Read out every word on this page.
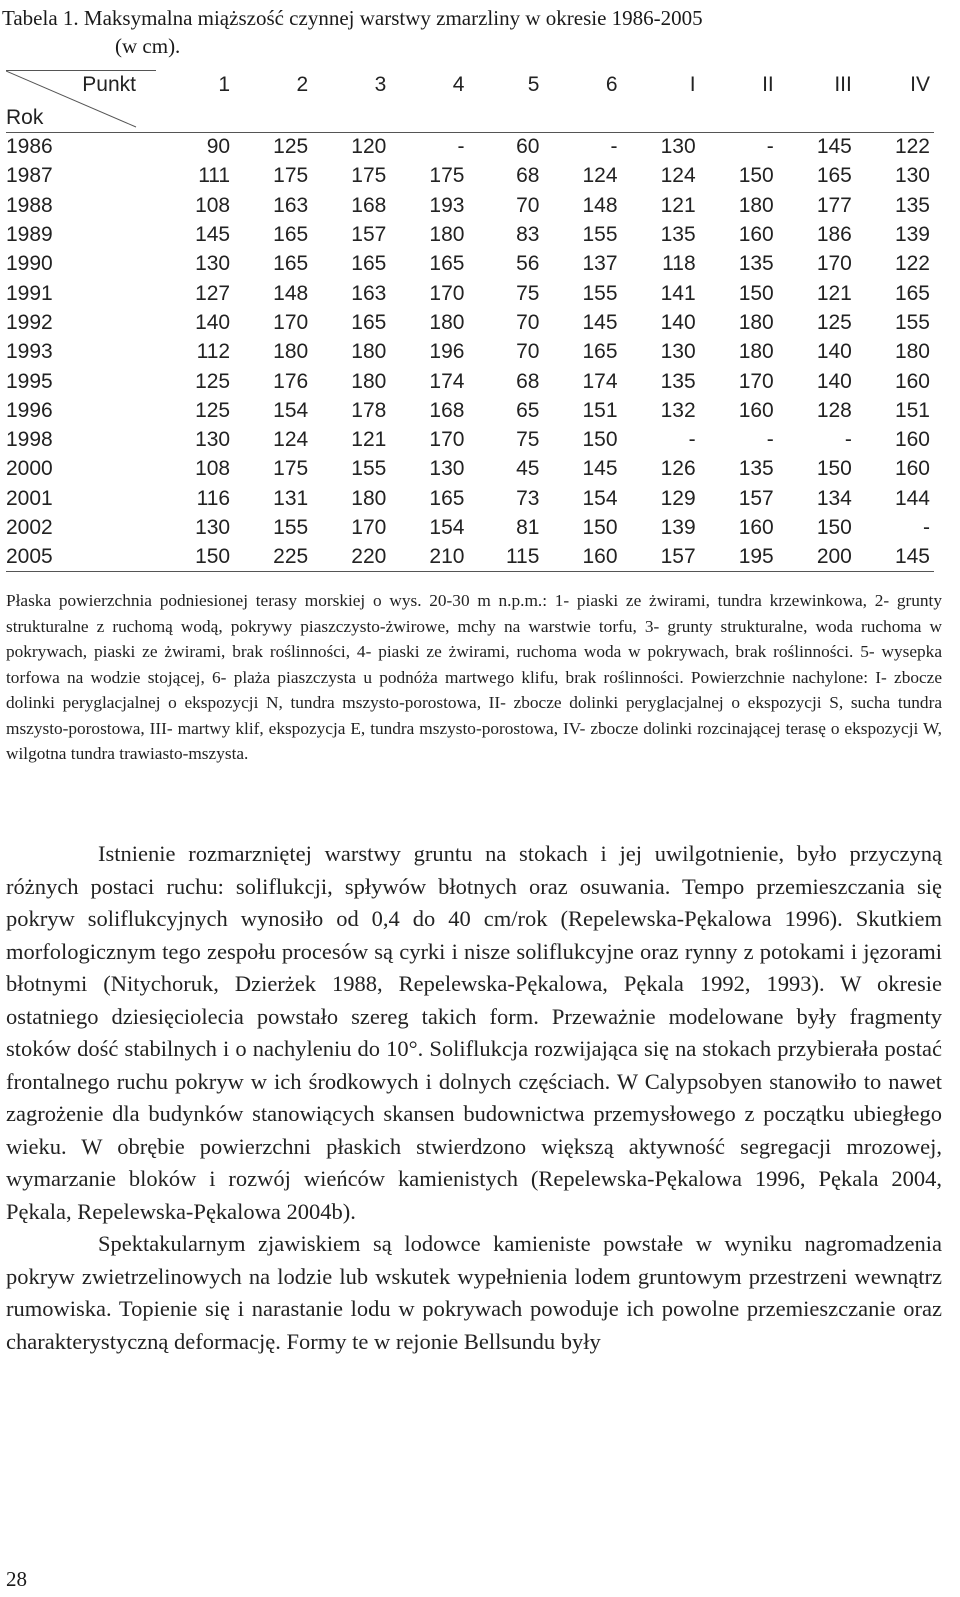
Tabela 1. Maksymalna miąższość czynnej warstwy zmarzliny w okresie 1986-2005
(w cm).
Punkt
Rok	1	2	3	4	5	6	I	II	III	IV
1986	90	125	120	-	60	-	130	-	145	122
1987	111	175	175	175	68	124	124	150	165	130
1988	108	163	168	193	70	148	121	180	177	135
1989	145	165	157	180	83	155	135	160	186	139
1990	130	165	165	165	56	137	118	135	170	122
1991	127	148	163	170	75	155	141	150	121	165
1992	140	170	165	180	70	145	140	180	125	155
1993	112	180	180	196	70	165	130	180	140	180
1995	125	176	180	174	68	174	135	170	140	160
1996	125	154	178	168	65	151	132	160	128	151
1998	130	124	121	170	75	150	-	-	-	160
2000	108	175	155	130	45	145	126	135	150	160
2001	116	131	180	165	73	154	129	157	134	144
2002	130	155	170	154	81	150	139	160	150	-
2005	150	225	220	210	115	160	157	195	200	145
Płaska powierzchnia podniesionej terasy morskiej o wys. 20-30 m n.p.m.: 1- piaski ze żwirami, tundra krzewinkowa, 2- grunty strukturalne z ruchomą wodą, pokrywy piaszczysto-żwirowe, mchy na warstwie torfu, 3- grunty strukturalne, woda ruchoma w pokrywach, piaski ze żwirami, brak roślinności, 4- piaski ze żwirami, ruchoma woda w pokrywach, brak roślinności. 5- wysepka torfowa na wodzie stojącej, 6- plaża piaszczysta u podnóża martwego klifu, brak roślinności. Powierzchnie nachylone: I- zbocze dolinki peryglacjalnej o ekspozycji N, tundra mszysto-porostowa, II- zbocze dolinki peryglacjalnej o ekspozycji S, sucha tundra mszysto-porostowa, III- martwy klif, ekspozycja E, tundra mszysto-porostowa, IV- zbocze dolinki rozcinającej terasę o ekspozycji W, wilgotna tundra trawiasto-mszysta.

Istnienie rozmarzniętej warstwy gruntu na stokach i jej uwilgotnienie, było przyczyną różnych postaci ruchu: soliflukcji, spływów błotnych oraz osuwania. Tempo przemieszczania się pokryw soliflukcyjnych wynosiło od 0,4 do 40 cm/rok (Repelewska-Pękalowa 1996). Skutkiem morfologicznym tego zespołu procesów są cyrki i nisze soliflukcyjne oraz rynny z potokami i jęzorami błotnymi (Nitychoruk, Dzierżek 1988, Repelewska-Pękalowa, Pękala 1992, 1993). W okresie ostatniego dziesięciolecia powstało szereg takich form. Przeważnie modelowane były fragmenty stoków dość stabilnych i o nachyleniu do 10°. Soliflukcja rozwijająca się na stokach przybierała postać frontalnego ruchu pokryw w ich środkowych i dolnych częściach. W Calypsobyen stanowiło to nawet zagrożenie dla budynków stanowiących skansen budownictwa przemysłowego z początku ubiegłego wieku. W obrębie powierzchni płaskich stwierdzono większą aktywność segregacji mrozowej, wymarzanie bloków i rozwój wieńców kamienistych (Repelewska-Pękalowa 1996, Pękala 2004, Pękala, Repelewska-Pękalowa 2004b).

Spektakularnym zjawiskiem są lodowce kamieniste powstałe w wyniku nagromadzenia pokryw zwietrzelinowych na lodzie lub wskutek wypełnienia lodem gruntowym przestrzeni wewnątrz rumowiska. Topienie się i narastanie lodu w pokrywach powoduje ich powolne przemieszczanie oraz charakterystyczną deformację. Formy te w rejonie Bellsundu były

28
